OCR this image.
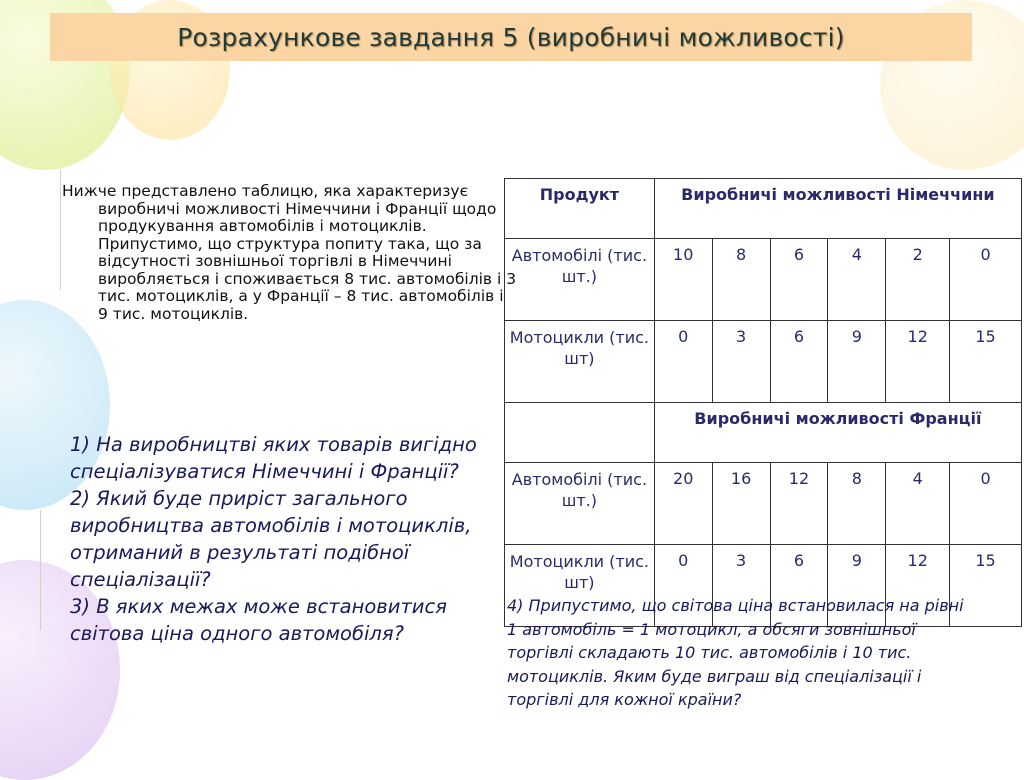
Розрахункове завдання 5 (виробничі можливості)
Нижче представлено таблицю, яка характеризує виробничі можливості Німеччини і Франції щодо продукування автомобілів і мотоциклів. Припустимо, що структура попиту така, що за відсутності зовнішньої торгівлі в Німеччині виробляється і споживається 8 тис. автомобілів і 3 тис. мотоциклів, а у Франції – 8 тис. автомобілів і 9 тис. мотоциклів.

1) На виробництві яких товарів вигідно спеціалізуватися Німеччині і Франції?

2) Який буде приріст загального виробництва автомобілів і мотоциклів, отриманий в результаті подібної спеціалізації?

3) В яких межах може встановитися світова ціна одного автомобіля?

Продукт	Виробничі можливості Німеччини					
Автомобілі (тис. шт.)	10	8	6	4	2	0
Мотоцикли (тис. шт)	0	3	6	9	12	15
	Виробничі можливості Франції					
Автомобілі (тис. шт.)	20	16	12	8	4	0
Мотоцикли (тис. шт)	0	3	6	9	12	15
4) Припустимо, що світова ціна встановилася на рівні 1 автомобіль = 1 мотоцикл, а обсяги зовнішньої торгівлі складають 10 тис. автомобілів і 10 тис. мотоциклів. Яким буде виграш від спеціалізації і торгівлі для кожної країни?
